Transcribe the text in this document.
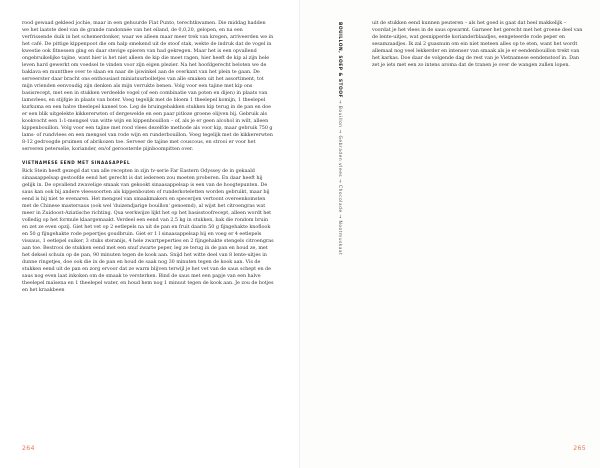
rood gewaad gekleed jochie, maar in een gehuurde Fiat Punto, terechtkwamen. Die middag hadden we het laatste deel van de grande randonnée van het eiland, de 0,0,20, gelopen, en na een verfrissende duik in het schemerdonker, waar we alleen maar meer trek van kregen, arriveerden we in het café. De pittige kippenpoot die om halp smekend uit de stoof stak, wekte de indruk dat de vogel in kwestie ook fitnessen ging en daar stevige spieren van had gekregen. Maar het is een opvallend ongebruikelijke tajine, want hier is het niet alleen de kip die moet ragen, hier heeft de kip al zijn hele leven hard gewerkt om voedsel te vinden voor zijn eigen plezier. Na het hoofdgerecht beloten we de baklava en muntthee over te slaan en naar de ijswinkel aan de overkant van het plein te gaan. De serveerster daar bracht ons enthousiast miniatuurbolletjes van alle smaken uit het assortiment, tot mijn vrienden eenvoudig zijn denken als mijn verrukte benen. Volg voor een tajine met kip ons basisrecept, met een in stukken verdeelde vogel (of een combinatie van poten en dijen) in plaats van lamsvlees, en stijfgie in plaats van boter. Voeg tegelijk met de bloem 1 theelepel komijn, 1 theelepel kurkuma en een halve theelepel kaneel toe. Leg de bruingebakken stukken kip terug in de pan en doe er een blik uitgelekte kikkererwten of dergewelde en een paar pitloze groene olijven bij. Gebruik als kookvocht een 1:1-mengsel van witte wijn en kippenbouillon – of, als je er geen alcohol in wilt, alleen kippenbouillon. Volg voor een tajine met rood vlees dezelfde methode als voor kip, maar gebruik 750 g lams- of rundvlees en een mengsel van rode wijn en runderbouillon. Voeg tegelijk met de kikkererwten 8-12 gedroogde pruimen of abrikozen toe. Serveer de tajine met couscous, en strooi er voor het serveren peterselie, koriander, en/of geroosterde pijnboompitten over.

VIETNAMESE EEND MET SINAASAPPEL

Rick Stein heeft gezegd dat van alle recepten in zijn tv-serie Far Eastern Odyssey de in gekaald sinaasappelsap gestoofde eend het gerecht is dat iedereen zou moeten proberen. En daar heeft hij gelijk in. De opvallend zwavelige smaak van gekookt sinaasappelsap is een van de hoogtepunten. De saus kan ook bij andere vleessoorten als kippenbouten of runderkoteletten worden gebruikt, maar bij eend is hij niet te evenaren. Het mengsel van smaakmakers en specerijen vertoont overeenkomsten met de Chinese mastersaus (ook wel 'duizendjarige bouillon' genoemd), al wijst het citroengras wat meer in Zuidoost-Aziatische richting. Qua werkwijze lijkt het op het basisstoofrecept, alleen wordt het volledig op het formule klaargemaakt. Verdeel een eend van 2,5 kg in stukken, bak die rondom bruin en zet ze even opzij. Giet het vet op 2 eetlepels na uit de pan en fruit daarin 50 g fijngehakte knoflook en 50 g fijngehakte rode pepertjes goudbruin. Giet er 1 l sinaasappelsap bij en voeg er 4 eetlepels vissaus, 1 eetlepel suiker, 3 stuks steranijs, 4 hele zwartpeperties en 2 fijngehakte stengels citroengras aan toe. Bestrooi de stukken eend met een snuf zwarte peper, leg ze terug in de pan en houd ze, met het deksel schuin op de pan, 90 minuten tegen de kook aan. Snijd het witte deel van 8 lente-uitjes in dunne ringetjes, doe ook die in de pan en houd de saak nog 30 minuten tegen de kook aan. Vis de stukken eend uit de pan en zorg ervoor dat ze warm blijven terwijl je het vet van de saus schept en de saus nog even laat inkoken om de smaak te versterken. Bind de saus met een papje van een halve theelepel maïsena en 1 theelepel water, en houd hem nog 1 minuut tegen de kook aan. Je zou de botjes en het kraakbeen

264	265
BOUILLON, SOEP & STOOF → Bouillon → Gebraden vlees → Chocolade → Nootmuskaat

uit de stukken eend kunnen peuteren – als het goed is gaat dat heel makkelijk – voordat je het vlees in de saus opwarmt. Garneer het gerecht met het groene deel van de lente-uitjes, wat gesnipperde korianderblaadjes, eengeteerde rode peper en sesamzaadjes. Ik zal 2 guasnum om ein niet meteen alles op te eten, want het wordt allemaal nog veel lekkerder en intenser van smaak als je er eendenbouillon trekt van het karkas. Doe daar de volgende dag de rest van je Vietnamese eendenstoof in. Dan zet je iets met een zo intens aroma dat de tranen je over de wangen zullen lopen.
